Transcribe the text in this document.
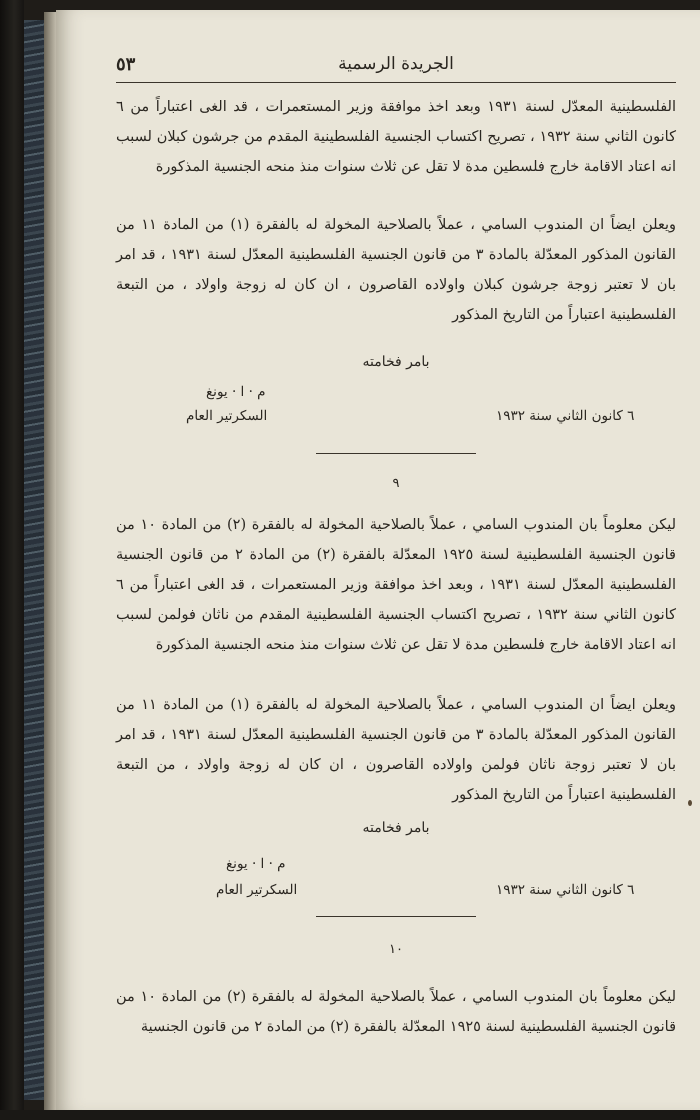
٥٣	الجريدة الرسمية

الفلسطينية المعدّل لسنة ١٩٣١ وبعد اخذ موافقة وزير المستعمرات ، قد الغى اعتباراً من ٦ كانون الثاني سنة ١٩٣٢ ، تصريح اكتساب الجنسية الفلسطينية المقدم من جرشون كبلان لسبب انه اعتاد الاقامة خارج فلسطين مدة لا تقل عن ثلاث سنوات منذ منحه الجنسية المذكورة

ويعلن ايضاً ان المندوب السامي ، عملاً بالصلاحية المخولة له بالفقرة (١) من المادة ١١ من القانون المذكور المعدّلة بالمادة ٣ من قانون الجنسية الفلسطينية المعدّل لسنة ١٩٣١ ، قد امر بان لا تعتبر زوجة جرشون كبلان واولاده القاصرون ، ان كان له زوجة واولاد ، من التبعة الفلسطينية اعتباراً من التاريخ المذكور

بامر فخامته
م · ا · يونغ
٦ كانون الثاني سنة ١٩٣٢
السكرتير العام
٩

ليكن معلوماً بان المندوب السامي ، عملاً بالصلاحية المخولة له بالفقرة (٢) من المادة ١٠ من قانون الجنسية الفلسطينية لسنة ١٩٢٥ المعدّلة بالفقرة (٢) من المادة ٢ من قانون الجنسية الفلسطينية المعدّل لسنة ١٩٣١ ، وبعد اخذ موافقة وزير المستعمرات ، قد الغى اعتباراً من ٦ كانون الثاني سنة ١٩٣٢ ، تصريح اكتساب الجنسية الفلسطينية المقدم من ناثان فولمن لسبب انه اعتاد الاقامة خارج فلسطين مدة لا تقل عن ثلاث سنوات منذ منحه الجنسية المذكورة

ويعلن ايضاً ان المندوب السامي ، عملاً بالصلاحية المخولة له بالفقرة (١) من المادة ١١ من القانون المذكور المعدّلة بالمادة ٣ من قانون الجنسية الفلسطينية المعدّل لسنة ١٩٣١ ، قد امر بان لا تعتبر زوجة ناثان فولمن واولاده القاصرون ، ان كان له زوجة واولاد ، من التبعة الفلسطينية اعتباراً من التاريخ المذكور

بامر فخامته
م · ا · يونغ
٦ كانون الثاني سنة ١٩٣٢
السكرتير العام
١٠

ليكن معلوماً بان المندوب السامي ، عملاً بالصلاحية المخولة له بالفقرة (٢) من المادة ١٠ من قانون الجنسية الفلسطينية لسنة ١٩٢٥ المعدّلة بالفقرة (٢) من المادة ٢ من قانون الجنسية
